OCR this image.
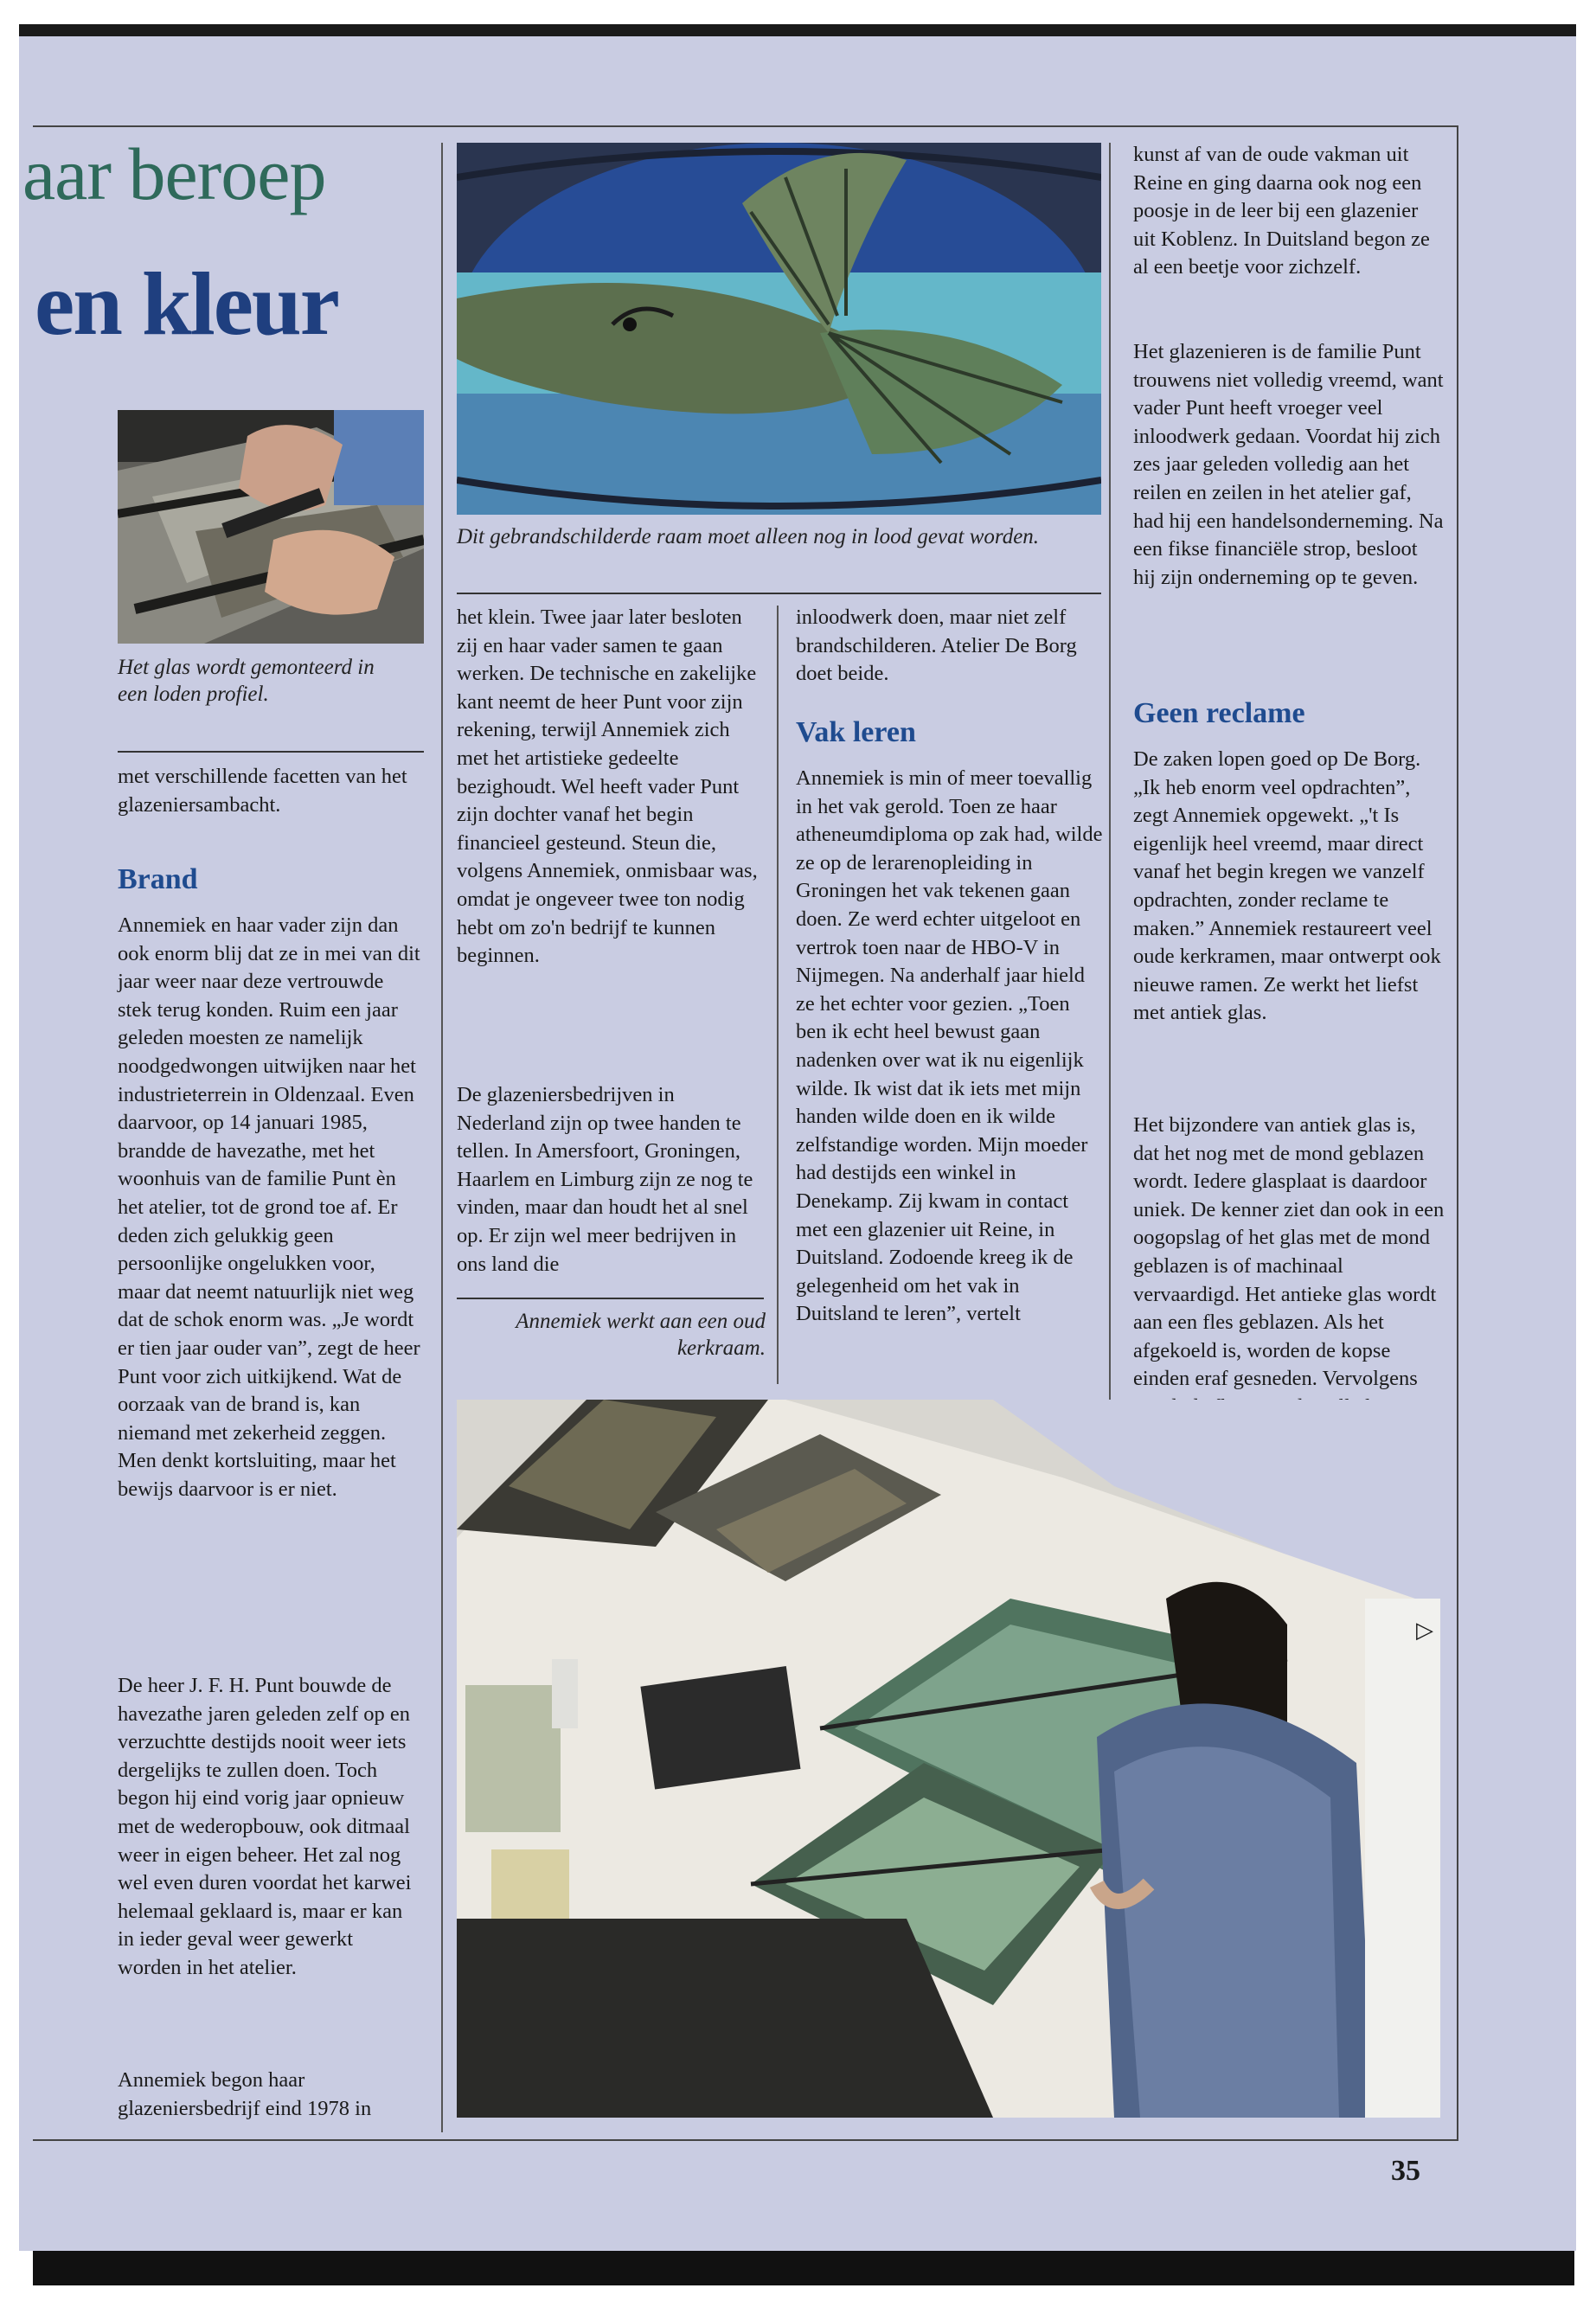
aar beroep
en kleur

Het glas wordt gemonteerd in een loden profiel.

Dit gebrandschilderde raam moet alleen nog in lood gevat worden.

met verschillende facetten van het glazeniersambacht.

Brand

Annemiek en haar vader zijn dan ook enorm blij dat ze in mei van dit jaar weer naar deze vertrouwde stek terug konden. Ruim een jaar geleden moesten ze namelijk noodgedwongen uitwijken naar het industrieterrein in Oldenzaal. Even daarvoor, op 14 januari 1985, brandde de havezathe, met het woonhuis van de familie Punt èn het atelier, tot de grond toe af. Er deden zich gelukkig geen persoonlijke ongelukken voor, maar dat neemt natuurlijk niet weg dat de schok enorm was. „Je wordt er tien jaar ouder van”, zegt de heer Punt voor zich uitkijkend. Wat de oorzaak van de brand is, kan niemand met zekerheid zeggen. Men denkt kortsluiting, maar het bewijs daarvoor is er niet.

De heer J. F. H. Punt bouwde de havezathe jaren geleden zelf op en verzuchtte destijds nooit weer iets dergelijks te zullen doen. Toch begon hij eind vorig jaar opnieuw met de wederopbouw, ook ditmaal weer in eigen beheer. Het zal nog wel even duren voordat het karwei helemaal geklaard is, maar er kan in ieder geval weer gewerkt worden in het atelier.

Annemiek begon haar glazeniersbedrijf eind 1978 in

het klein. Twee jaar later besloten zij en haar vader samen te gaan werken. De technische en zakelijke kant neemt de heer Punt voor zijn rekening, terwijl Annemiek zich met het artistieke gedeelte bezighoudt. Wel heeft vader Punt zijn dochter vanaf het begin financieel gesteund. Steun die, volgens Annemiek, onmisbaar was, omdat je ongeveer twee ton nodig hebt om zo'n bedrijf te kunnen beginnen.

De glazeniersbedrijven in Nederland zijn op twee handen te tellen. In Amersfoort, Groningen, Haarlem en Limburg zijn ze nog te vinden, maar dan houdt het al snel op. Er zijn wel meer bedrijven in ons land die

Annemiek werkt aan een oud kerkraam.

inloodwerk doen, maar niet zelf brandschilderen. Atelier De Borg doet beide.

Vak leren

Annemiek is min of meer toevallig in het vak gerold. Toen ze haar atheneumdiploma op zak had, wilde ze op de lerarenopleiding in Groningen het vak tekenen gaan doen. Ze werd echter uitgeloot en vertrok toen naar de HBO-V in Nijmegen. Na anderhalf jaar hield ze het echter voor gezien. „Toen ben ik echt heel bewust gaan nadenken over wat ik nu eigenlijk wilde. Ik wist dat ik iets met mijn handen wilde doen en ik wilde zelfstandige worden. Mijn moeder had destijds een winkel in Denekamp. Zij kwam in contact met een glazenier uit Reine, in Duitsland. Zodoende kreeg ik de gelegenheid om het vak in Duitsland te leren”, vertelt

kunst af van de oude vakman uit Reine en ging daarna ook nog een poosje in de leer bij een glazenier uit Koblenz. In Duitsland begon ze al een beetje voor zichzelf.

Het glazenieren is de familie Punt trouwens niet volledig vreemd, want vader Punt heeft vroeger veel inloodwerk gedaan. Voordat hij zich zes jaar geleden volledig aan het reilen en zeilen in het atelier gaf, had hij een handelsonderneming. Na een fikse financiële strop, besloot hij zijn onderneming op te geven.

Geen reclame

De zaken lopen goed op De Borg. „Ik heb enorm veel opdrachten”, zegt Annemiek opgewekt. „'t Is eigenlijk heel vreemd, maar direct vanaf het begin kregen we vanzelf opdrachten, zonder reclame te maken.” Annemiek restaureert veel oude kerkramen, maar ontwerpt ook nieuwe ramen. Ze werkt het liefst met antiek glas.

Het bijzondere van antiek glas is, dat het nog met de mond geblazen wordt. Iedere glasplaat is daardoor uniek. De kenner ziet dan ook in een oogopslag of het glas met de mond geblazen is of machinaal vervaardigd. Het antieke glas wordt aan een fles geblazen. Als het afgekoeld is, worden de kopse einden eraf gesneden. Vervolgens

▷
35
